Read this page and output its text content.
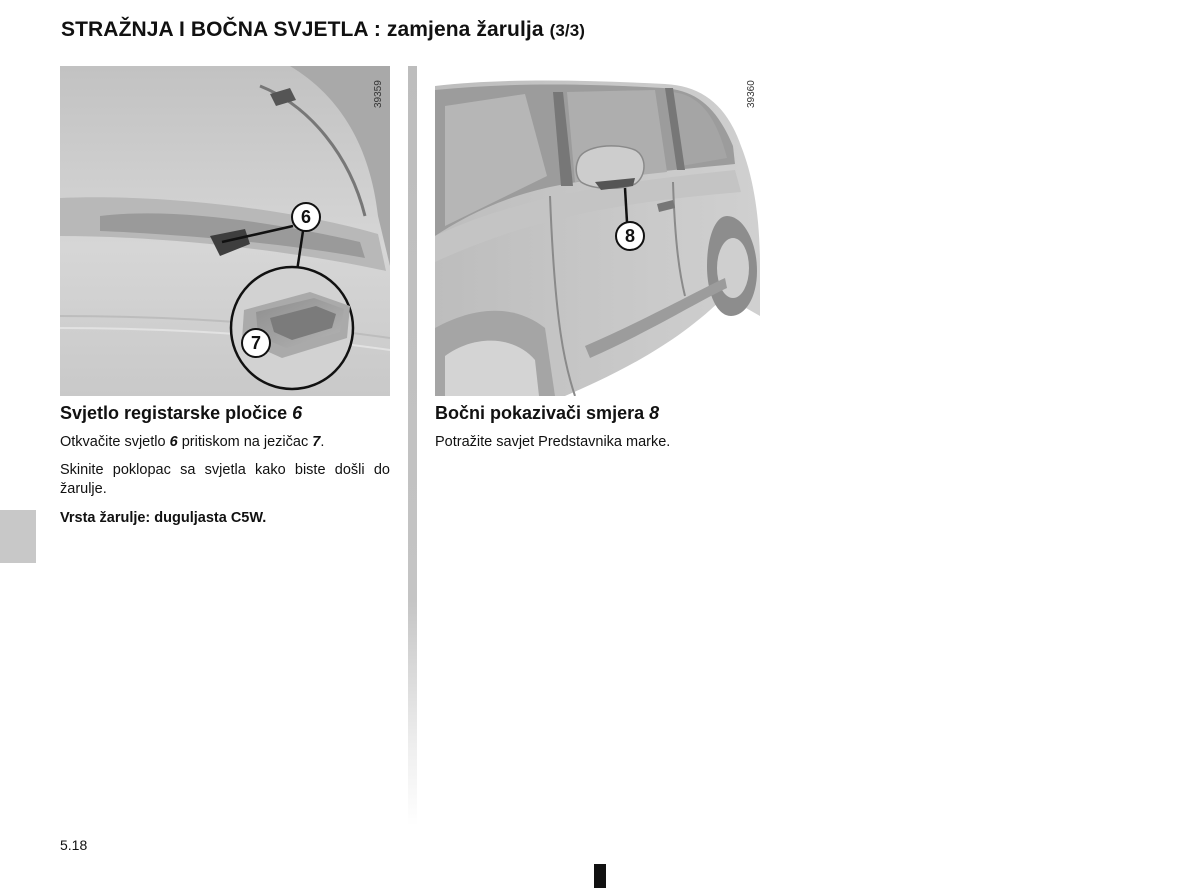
STRAŽNJA I BOČNA SVJETLA : zamjena žarulja (3/3)
39359
6
7
39360
8
Svjetlo registarske pločice 6
Otkvačite svjetlo 6 pritiskom na jezičac 7.
Skinite poklopac sa svjetla kako biste došli do žarulje.
Vrsta žarulje: duguljasta C5W.
Bočni pokazivači smjera 8
Potražite savjet Predstavnika marke.
5.18
